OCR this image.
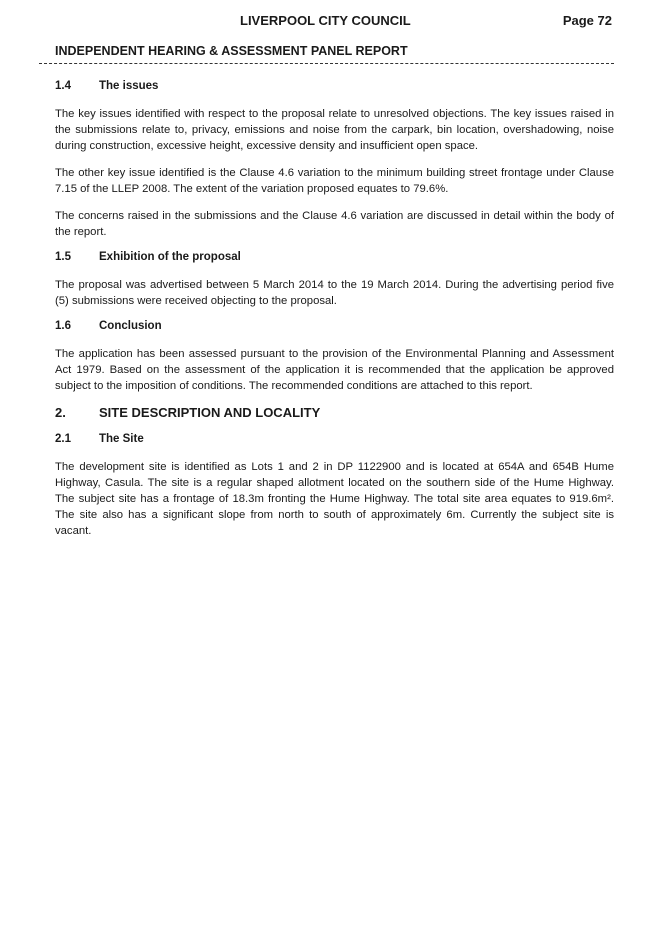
LIVERPOOL CITY COUNCIL	Page 72
INDEPENDENT HEARING & ASSESSMENT PANEL REPORT
1.4	The issues

The key issues identified with respect to the proposal relate to unresolved objections. The key issues raised in the submissions relate to, privacy, emissions and noise from the carpark, bin location, overshadowing, noise during construction, excessive height, excessive density and insufficient open space.

The other key issue identified is the Clause 4.6 variation to the minimum building street frontage under Clause 7.15 of the LLEP 2008. The extent of the variation proposed equates to 79.6%.

The concerns raised in the submissions and the Clause 4.6 variation are discussed in detail within the body of the report.

1.5	Exhibition of the proposal

The proposal was advertised between 5 March 2014 to the 19 March 2014. During the advertising period five (5) submissions were received objecting to the proposal.

1.6	Conclusion

The application has been assessed pursuant to the provision of the Environmental Planning and Assessment Act 1979. Based on the assessment of the application it is recommended that the application be approved subject to the imposition of conditions. The recommended conditions are attached to this report.

2.	SITE DESCRIPTION AND LOCALITY
2.1	The Site

The development site is identified as Lots 1 and 2 in DP 1122900 and is located at 654A and 654B Hume Highway, Casula. The site is a regular shaped allotment located on the southern side of the Hume Highway. The subject site has a frontage of 18.3m fronting the Hume Highway. The total site area equates to 919.6m². The site also has a significant slope from north to south of approximately 6m. Currently the subject site is vacant.
